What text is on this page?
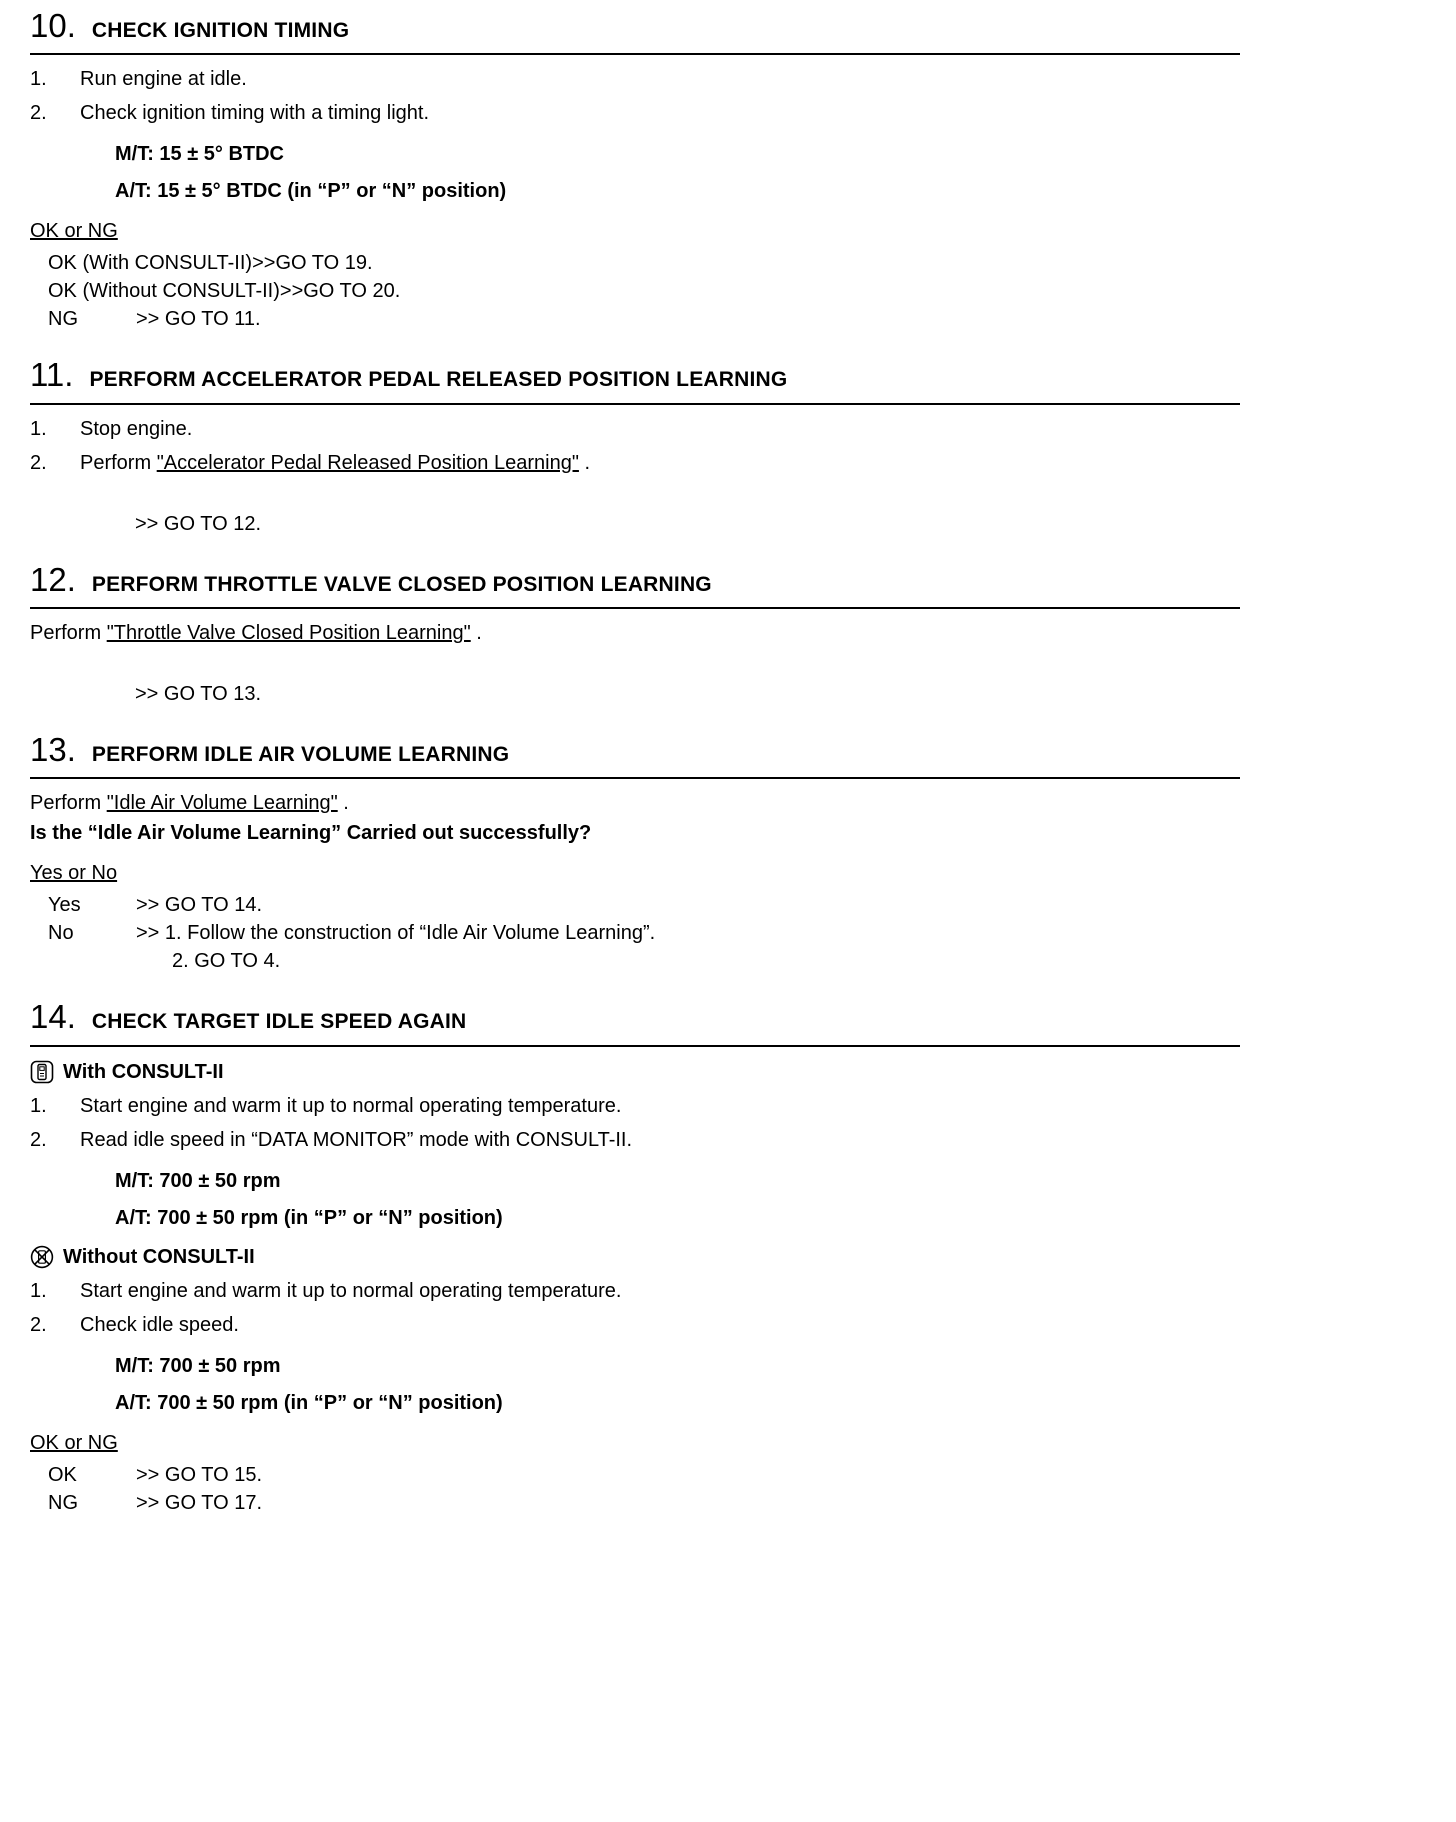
10. CHECK IGNITION TIMING
1.	Run engine at idle.
2.	Check ignition timing with a timing light.
M/T: 15 ± 5° BTDC
A/T: 15 ± 5° BTDC (in “P” or “N” position)
OK or NG
OK (With CONSULT-II) >>GO TO 19.
OK (Without CONSULT-II) >>GO TO 20.
NG	>> GO TO 11.
11. PERFORM ACCELERATOR PEDAL RELEASED POSITION LEARNING
1.	Stop engine.
2.	Perform "Accelerator Pedal Released Position Learning" .
>> GO TO 12.
12. PERFORM THROTTLE VALVE CLOSED POSITION LEARNING
Perform "Throttle Valve Closed Position Learning" .
>> GO TO 13.
13. PERFORM IDLE AIR VOLUME LEARNING
Perform "Idle Air Volume Learning" .
Is the “Idle Air Volume Learning” Carried out successfully?
Yes or No
Yes	>> GO TO 14.
No	>> 1. Follow the construction of “Idle Air Volume Learning”.
2. GO TO 4.
14. CHECK TARGET IDLE SPEED AGAIN
With CONSULT-II
1.	Start engine and warm it up to normal operating temperature.
2.	Read idle speed in “DATA MONITOR” mode with CONSULT-II.
M/T: 700 ± 50 rpm
A/T: 700 ± 50 rpm (in “P” or “N” position)
Without CONSULT-II
1.	Start engine and warm it up to normal operating temperature.
2.	Check idle speed.
M/T: 700 ± 50 rpm
A/T: 700 ± 50 rpm (in “P” or “N” position)
OK or NG
OK	>> GO TO 15.
NG	>> GO TO 17.
